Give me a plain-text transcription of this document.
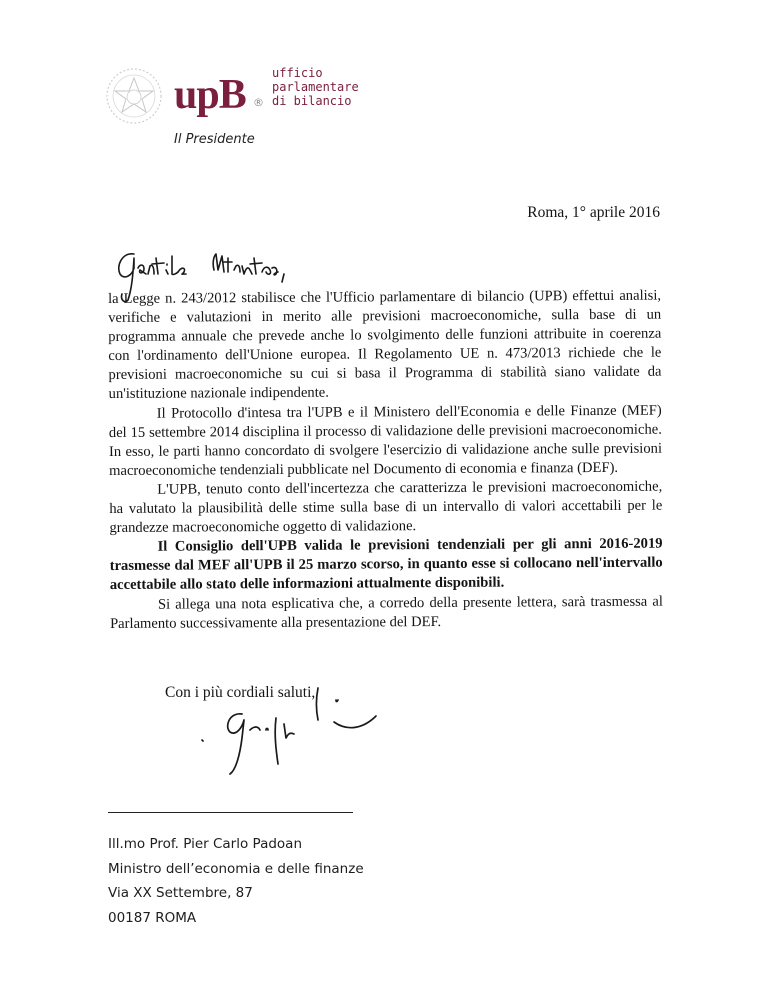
upB ®
ufficio
parlamentare
di bilancio
Il Presidente
Roma, 1° aprile 2016

la Legge n. 243/2012 stabilisce che l'Ufficio parlamentare di bilancio (UPB) effettui analisi, verifiche e valutazioni in merito alle previsioni macroeconomiche, sulla base di un programma annuale che prevede anche lo svolgimento delle funzioni attribuite in coerenza con l'ordinamento dell'Unione europea. Il Regolamento UE n. 473/2013 richiede che le previsioni macroeconomiche su cui si basa il Programma di stabilità siano validate da un'istituzione nazionale indipendente.

Il Protocollo d'intesa tra l'UPB e il Ministero dell'Economia e delle Finanze (MEF) del 15 settembre 2014 disciplina il processo di validazione delle previsioni macroeconomiche. In esso, le parti hanno concordato di svolgere l'esercizio di validazione anche sulle previsioni macroeconomiche tendenziali pubblicate nel Documento di economia e finanza (DEF).

L'UPB, tenuto conto dell'incertezza che caratterizza le previsioni macroeconomiche, ha valutato la plausibilità delle stime sulla base di un intervallo di valori accettabili per le grandezze macroeconomiche oggetto di validazione.

Il Consiglio dell'UPB valida le previsioni tendenziali per gli anni 2016-2019 trasmesse dal MEF all'UPB il 25 marzo scorso, in quanto esse si collocano nell'intervallo accettabile allo stato delle informazioni attualmente disponibili.

Si allega una nota esplicativa che, a corredo della presente lettera, sarà trasmessa al Parlamento successivamente alla presentazione del DEF.

Con i più cordiali saluti,
Ill.mo Prof. Pier Carlo Padoan
Ministro dell’economia e delle finanze
Via XX Settembre, 87
00187 ROMA
